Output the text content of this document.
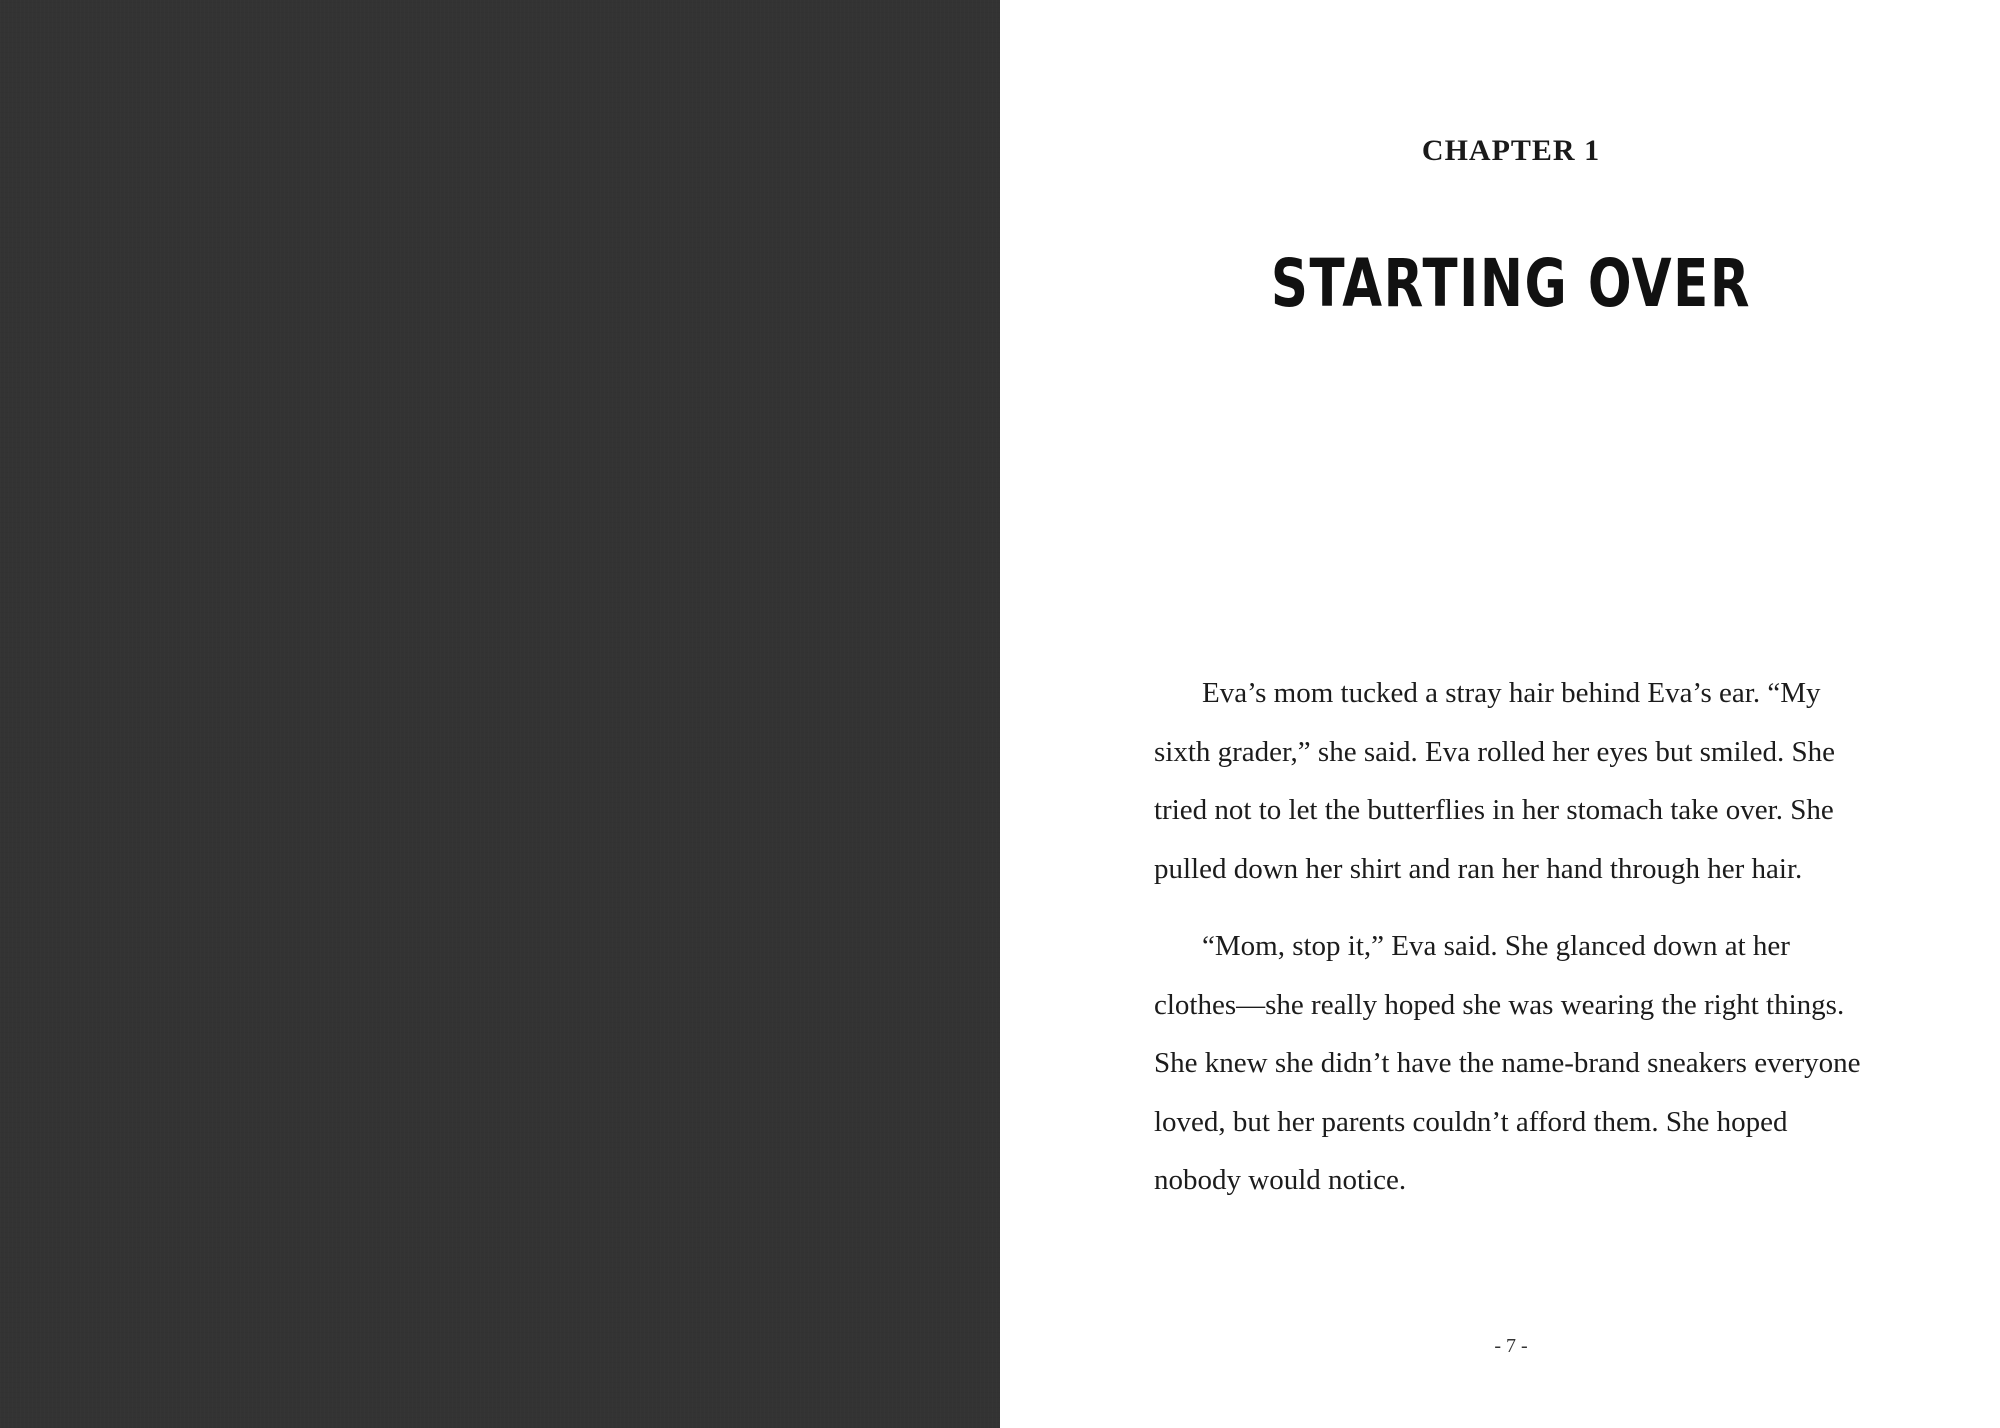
CHAPTER 1
STARTING OVER

Eva’s mom tucked a stray hair behind Eva’s ear. “My sixth grader,” she said. Eva rolled her eyes but smiled. She tried not to let the butterflies in her stomach take over. She pulled down her shirt and ran her hand through her hair.

“Mom, stop it,” Eva said. She glanced down at her clothes—she really hoped she was wearing the right things. She knew she didn’t have the name-brand sneakers everyone loved, but her parents couldn’t afford them. She hoped nobody would notice.

- 7 -
